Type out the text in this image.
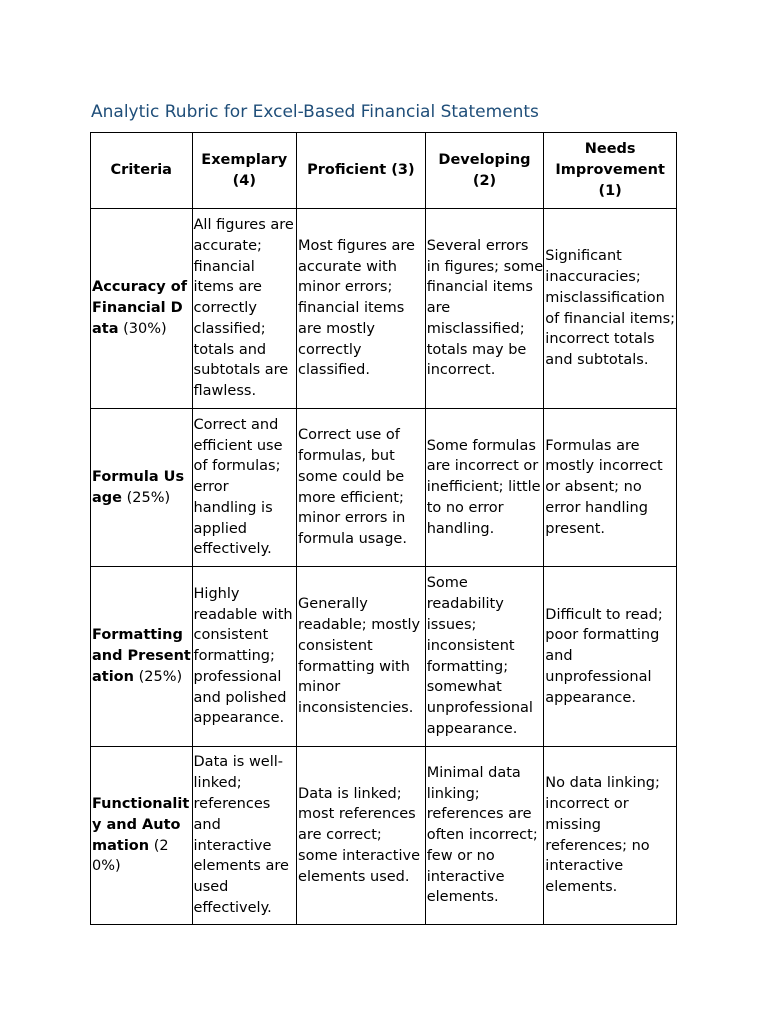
Analytic Rubric for Excel-Based Financial Statements
Criteria	Exemplary (4)	Proficient (3)	Developing (2)	Needs Improvement (1)
Accuracy of Financial Data (30%)	All figures are accurate; financial items are correctly classified; totals and subtotals are flawless.	Most figures are accurate with minor errors; financial items are mostly correctly classified.	Several errors in figures; some financial items are misclassified; totals may be incorrect.	Significant inaccuracies; misclassification of financial items; incorrect totals and subtotals.
Formula Usage (25%)	Correct and efficient use of formulas; error handling is applied effectively.	Correct use of formulas, but some could be more efficient; minor errors in formula usage.	Some formulas are incorrect or inefficient; little to no error handling.	Formulas are mostly incorrect or absent; no error handling present.
Formatting and Presentation (25%)	Highly readable with consistent formatting; professional and polished appearance.	Generally readable; mostly consistent formatting with minor inconsistencies.	Some readability issues; inconsistent formatting; somewhat unprofessional appearance.	Difficult to read; poor formatting and unprofessional appearance.
Functionality and Automation (20%)	Data is well-linked; references and interactive elements are used effectively.	Data is linked; most references are correct; some interactive elements used.	Minimal data linking; references are often incorrect; few or no interactive elements.	No data linking; incorrect or missing references; no interactive elements.
